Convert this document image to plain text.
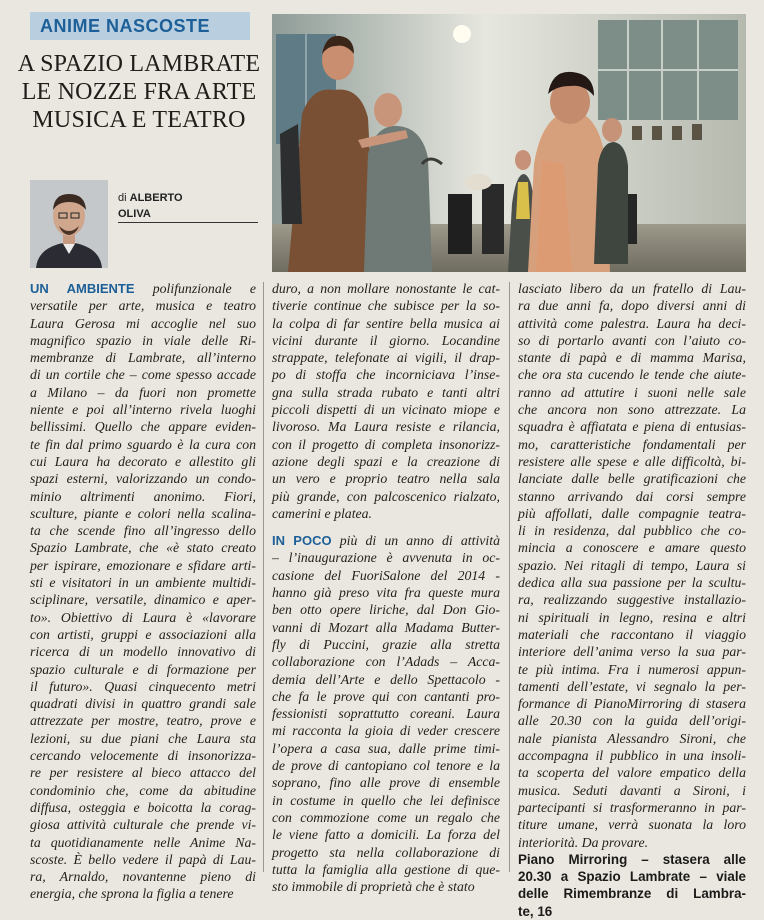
ANIME NASCOSTE
A SPAZIO LAMBRATE
LE NOZZE FRA ARTE
MUSICA E TEATRO
di ALBERTO
OLIVA
UN AMBIENTE polifunzionale e
versatile per arte, musica e teatro
Laura Gerosa mi accoglie nel suo
magnifico spazio in viale delle Ri-
membranze di Lambrate, all’interno
di un cortile che – come spesso accade
a Milano – da fuori non promette
niente e poi all’interno rivela luoghi
bellissimi. Quello che appare eviden-
te fin dal primo sguardo è la cura con
cui Laura ha decorato e allestito gli
spazi esterni, valorizzando un condo-
minio altrimenti anonimo. Fiori,
sculture, piante e colori nella scalina-
ta che scende fino all’ingresso dello
Spazio Lambrate, che «è stato creato
per ispirare, emozionare e sfidare arti-
sti e visitatori in un ambiente multidi-
sciplinare, versatile, dinamico e aper-
to». Obiettivo di Laura è «lavorare
con artisti, gruppi e associazioni alla
ricerca di un modello innovativo di
spazio culturale e di formazione per
il futuro». Quasi cinquecento metri
quadrati divisi in quattro grandi sale
attrezzate per mostre, teatro, prove e
lezioni, su due piani che Laura sta
cercando velocemente di insonorizza-
re per resistere al bieco attacco del
condominio che, come da abitudine
diffusa, osteggia e boicotta la corag-
giosa attività culturale che prende vi-
ta quotidianamente nelle Anime Na-
scoste. È bello vedere il papà di Lau-
ra, Arnaldo, novantenne pieno di
energia, che sprona la figlia a tenere
duro, a non mollare nonostante le cat-
tiverie continue che subisce per la so-
la colpa di far sentire bella musica ai
vicini durante il giorno. Locandine
strappate, telefonate ai vigili, il drap-
po di stoffa che incorniciava l’inse-
gna sulla strada rubato e tanti altri
piccoli dispetti di un vicinato miope e
livoroso. Ma Laura resiste e rilancia,
con il progetto di completa insonorizz-
azione degli spazi e la creazione di
un vero e proprio teatro nella sala
più grande, con palcoscenico rialzato,
camerini e platea.
IN POCO più di un anno di attività
– l’inaugurazione è avvenuta in oc-
casione del FuoriSalone del 2014 -
hanno già preso vita fra queste mura
ben otto opere liriche, dal Don Gio-
vanni di Mozart alla Madama Butter-
fly di Puccini, grazie alla stretta
collaborazione con l’Adads – Acca-
demia dell’Arte e dello Spettacolo -
che fa le prove qui con cantanti pro-
fessionisti soprattutto coreani. Laura
mi racconta la gioia di veder crescere
l’opera a casa sua, dalle prime timi-
de prove di cantopiano col tenore e la
soprano, fino alle prove di ensemble
in costume in quello che lei definisce
con commozione come un regalo che
le viene fatto a domicili. La forza del
progetto sta nella collaborazione di
tutta la famiglia alla gestione di que-
sto immobile di proprietà che è stato
lasciato libero da un fratello di Lau-
ra due anni fa, dopo diversi anni di
attività come palestra. Laura ha deci-
so di portarlo avanti con l’aiuto co-
stante di papà e di mamma Marisa,
che ora sta cucendo le tende che aiute-
ranno ad attutire i suoni nelle sale
che ancora non sono attrezzate. La
squadra è affiatata e piena di entusias-
mo, caratteristiche fondamentali per
resistere alle spese e alle difficoltà, bi-
lanciate dalle belle gratificazioni che
stanno arrivando dai corsi sempre
più affollati, dalle compagnie teatra-
li in residenza, dal pubblico che co-
mincia a conoscere e amare questo
spazio. Nei ritagli di tempo, Laura si
dedica alla sua passione per la scultu-
ra, realizzando suggestive installazio-
ni spirituali in legno, resina e altri
materiali che raccontano il viaggio
interiore dell’anima verso la sua par-
te più intima. Fra i numerosi appun-
tamenti dell’estate, vi segnalo la per-
formance di PianoMirroring di stasera
alle 20.30 con la guida dell’origi-
nale pianista Alessandro Sironi, che
accompagna il pubblico in una insoli-
ta scoperta del valore empatico della
musica. Seduti davanti a Sironi, i
partecipanti si trasformeranno in par-
titure umane, verrà suonata la loro
interiorità. Da provare.
Piano Mirroring – stasera alle
20.30 a Spazio Lambrate – viale
delle Rimembranze di Lambra-
te, 16
